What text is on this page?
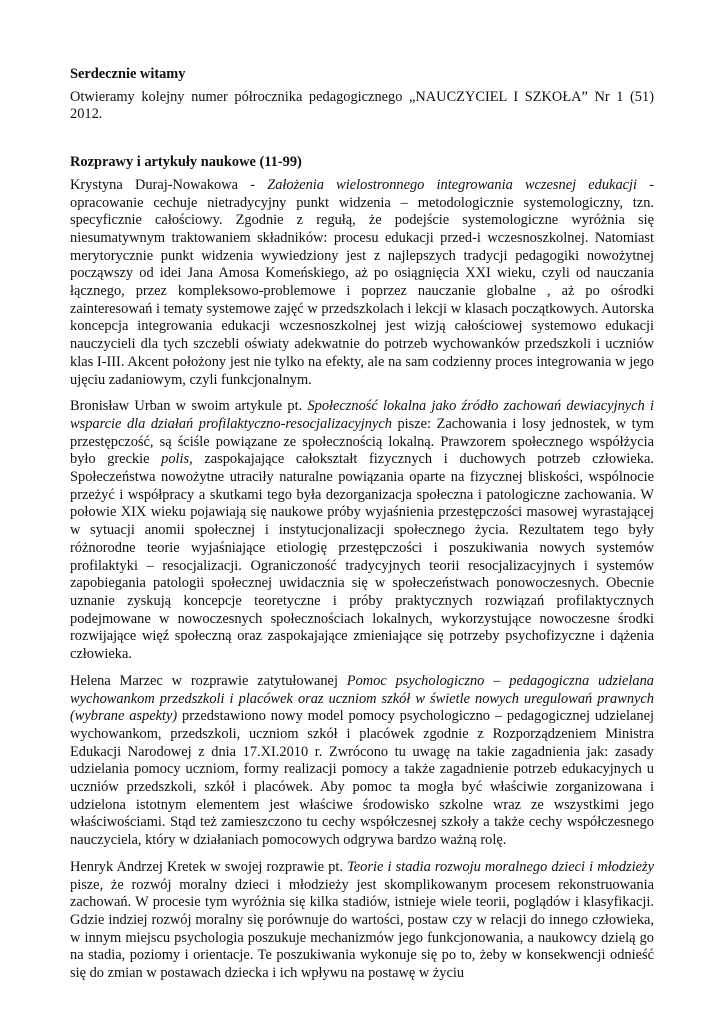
Serdecznie witamy

Otwieramy kolejny numer półrocznika pedagogicznego „NAUCZYCIEL I SZKOŁA” Nr 1 (51) 2012.

Rozprawy i artykuły naukowe (11-99)

Krystyna Duraj-Nowakowa - Założenia wielostronnego integrowania wczesnej edukacji - opracowanie cechuje nietradycyjny punkt widzenia – metodologicznie systemologiczny, tzn. specyficznie całościowy. Zgodnie z regułą, że podejście systemologiczne wyróżnia się niesumatywnym traktowaniem składników: procesu edukacji przed-i wczesnoszkolnej. Natomiast merytorycznie punkt widzenia wywiedziony jest z najlepszych tradycji pedagogiki nowożytnej począwszy od idei Jana Amosa Komeńskiego, aż po osiągnięcia XXI wieku, czyli od nauczania łącznego, przez kompleksowo-problemowe i poprzez nauczanie globalne , aż po ośrodki zainteresowań i tematy systemowe zajęć w przedszkolach i lekcji w klasach początkowych. Autorska koncepcja integrowania edukacji wczesnoszkolnej jest wizją całościowej systemowo edukacji nauczycieli dla tych szczebli oświaty adekwatnie do potrzeb wychowanków przedszkoli i uczniów klas I-III. Akcent położony jest nie tylko na efekty, ale na sam codzienny proces integrowania w jego ujęciu zadaniowym, czyli funkcjonalnym.

Bronisław Urban w swoim artykule pt. Społeczność lokalna jako źródło zachowań dewiacyjnych i wsparcie dla działań profilaktyczno-resocjalizacyjnych pisze: Zachowania i losy jednostek, w tym przestępczość, są ściśle powiązane ze społecznością lokalną. Prawzorem społecznego współżycia było greckie polis, zaspokajające całokształt fizycznych i duchowych potrzeb człowieka. Społeczeństwa nowożytne utraciły naturalne powiązania oparte na fizycznej bliskości, wspólnocie przeżyć i współpracy a skutkami tego była dezorganizacja społeczna i patologiczne zachowania. W połowie XIX wieku pojawiają się naukowe próby wyjaśnienia przestępczości masowej wyrastającej w sytuacji anomii społecznej i instytucjonalizacji społecznego życia. Rezultatem tego były różnorodne teorie wyjaśniające etiologię przestępczości i poszukiwania nowych systemów profilaktyki – resocjalizacji. Ograniczoność tradycyjnych teorii resocjalizacyjnych i systemów zapobiegania patologii społecznej uwidacznia się w społeczeństwach ponowoczesnych. Obecnie uznanie zyskują koncepcje teoretyczne i próby praktycznych rozwiązań profilaktycznych podejmowane w nowoczesnych społecznościach lokalnych, wykorzystujące nowoczesne środki rozwijające więź społeczną oraz zaspokajające zmieniające się potrzeby psychofizyczne i dążenia człowieka.

Helena Marzec w rozprawie zatytułowanej Pomoc psychologiczno – pedagogiczna udzielana wychowankom przedszkoli i placówek oraz uczniom szkół w świetle nowych uregulowań prawnych (wybrane aspekty) przedstawiono nowy model pomocy psychologiczno – pedagogicznej udzielanej wychowankom, przedszkoli, uczniom szkół i placówek zgodnie z Rozporządzeniem Ministra Edukacji Narodowej z dnia 17.XI.2010 r. Zwrócono tu uwagę na takie zagadnienia jak: zasady udzielania pomocy uczniom, formy realizacji pomocy a także zagadnienie potrzeb edukacyjnych u uczniów przedszkoli, szkół i placówek. Aby pomoc ta mogła być właściwie zorganizowana i udzielona istotnym elementem jest właściwe środowisko szkolne wraz ze wszystkimi jego właściwościami. Stąd też zamieszczono tu cechy współczesnej szkoły a także cechy współczesnego nauczyciela, który w działaniach pomocowych odgrywa bardzo ważną rolę.

Henryk Andrzej Kretek w swojej rozprawie pt. Teorie i stadia rozwoju moralnego dzieci i młodzieży pisze, że rozwój moralny dzieci i młodzieży jest skomplikowanym procesem rekonstruowania zachowań. W procesie tym wyróżnia się kilka stadiów, istnieje wiele teorii, poglądów i klasyfikacji. Gdzie indziej rozwój moralny się porównuje do wartości, postaw czy w relacji do innego człowieka, w innym miejscu psychologia poszukuje mechanizmów jego funkcjonowania, a naukowcy dzielą go na stadia, poziomy i orientacje. Te poszukiwania wykonuje się po to, żeby w konsekwencji odnieść się do zmian w postawach dziecka i ich wpływu na postawę w życiu
